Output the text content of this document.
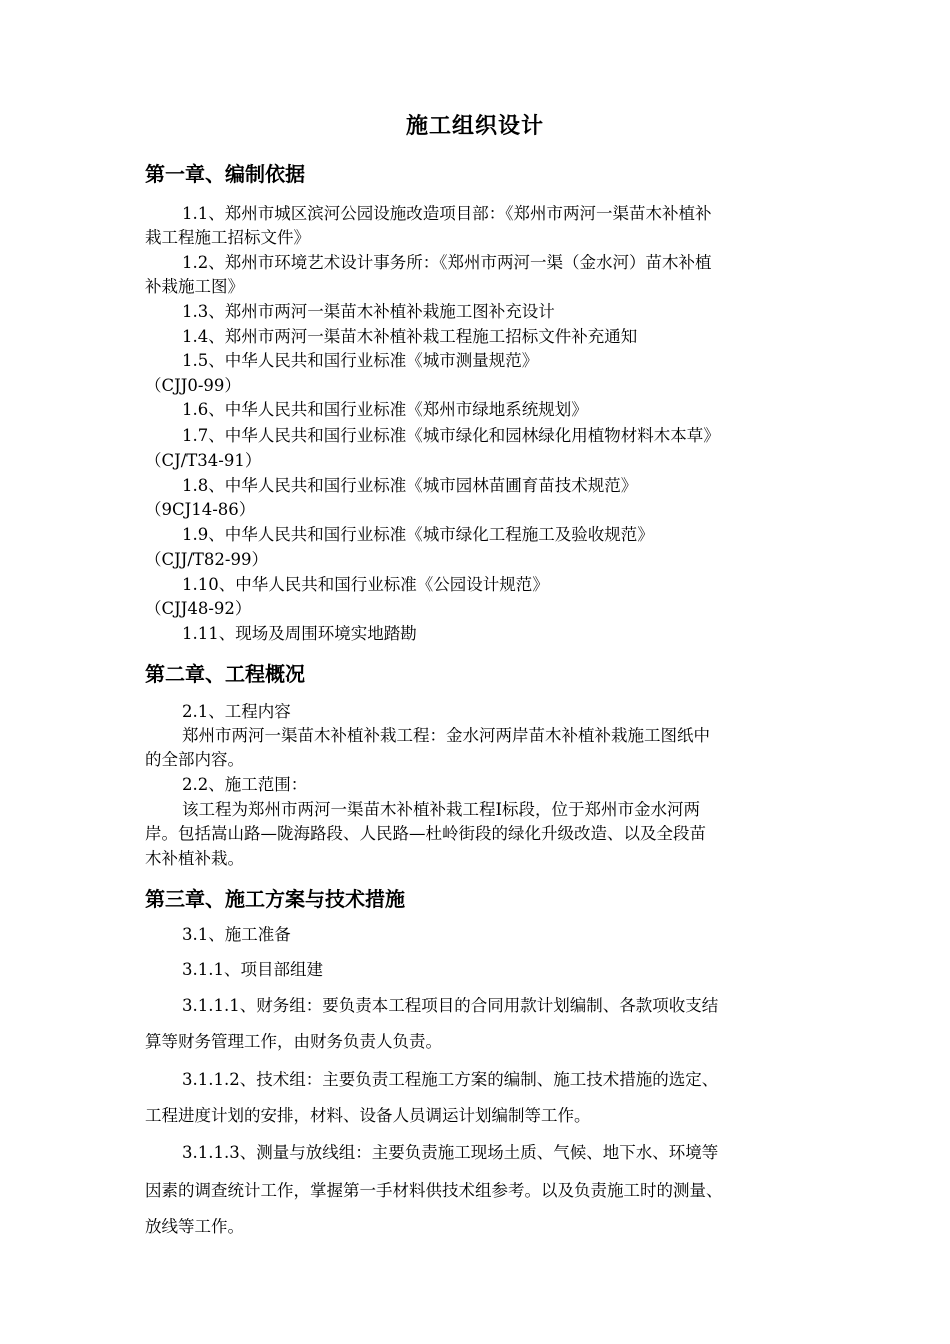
施工组织设计
第一章、编制依据
1.1、郑州市城区滨河公园设施改造项目部：《郑州市两河一渠苗木补植补
栽工程施工招标文件》
1.2、郑州市环境艺术设计事务所：《郑州市两河一渠（金水河）苗木补植
补栽施工图》
1.3、郑州市两河一渠苗木补植补栽施工图补充设计
1.4、郑州市两河一渠苗木补植补栽工程施工招标文件补充通知
1.5、中华人民共和国行业标准《城市测量规范》
（CJJ0-99）
1.6、中华人民共和国行业标准《郑州市绿地系统规划》
1.7、中华人民共和国行业标准《城市绿化和园林绿化用植物材料木本草》
（CJ/T34-91）
1.8、中华人民共和国行业标准《城市园林苗圃育苗技术规范》
（9CJ14-86）
1.9、中华人民共和国行业标准《城市绿化工程施工及验收规范》
（CJJ/T82-99）
1.10、中华人民共和国行业标准《公园设计规范》
（CJJ48-92）
1.11、现场及周围环境实地踏勘
第二章、工程概况
2.1、工程内容
郑州市两河一渠苗木补植补栽工程：金水河两岸苗木补植补栽施工图纸中
的全部内容。
2.2、施工范围：
该工程为郑州市两河一渠苗木补植补栽工程Ⅰ标段，位于郑州市金水河两
岸。包括嵩山路—陇海路段、人民路—杜岭街段的绿化升级改造、以及全段苗
木补植补栽。
第三章、施工方案与技术措施
3.1、施工准备
3.1.1、项目部组建
3.1.1.1、财务组：要负责本工程项目的合同用款计划编制、各款项收支结
算等财务管理工作，由财务负责人负责。
3.1.1.2、技术组：主要负责工程施工方案的编制、施工技术措施的选定、
工程进度计划的安排，材料、设备人员调运计划编制等工作。
3.1.1.3、测量与放线组：主要负责施工现场土质、气候、地下水、环境等
因素的调查统计工作，掌握第一手材料供技术组参考。以及负责施工时的测量、
放线等工作。
